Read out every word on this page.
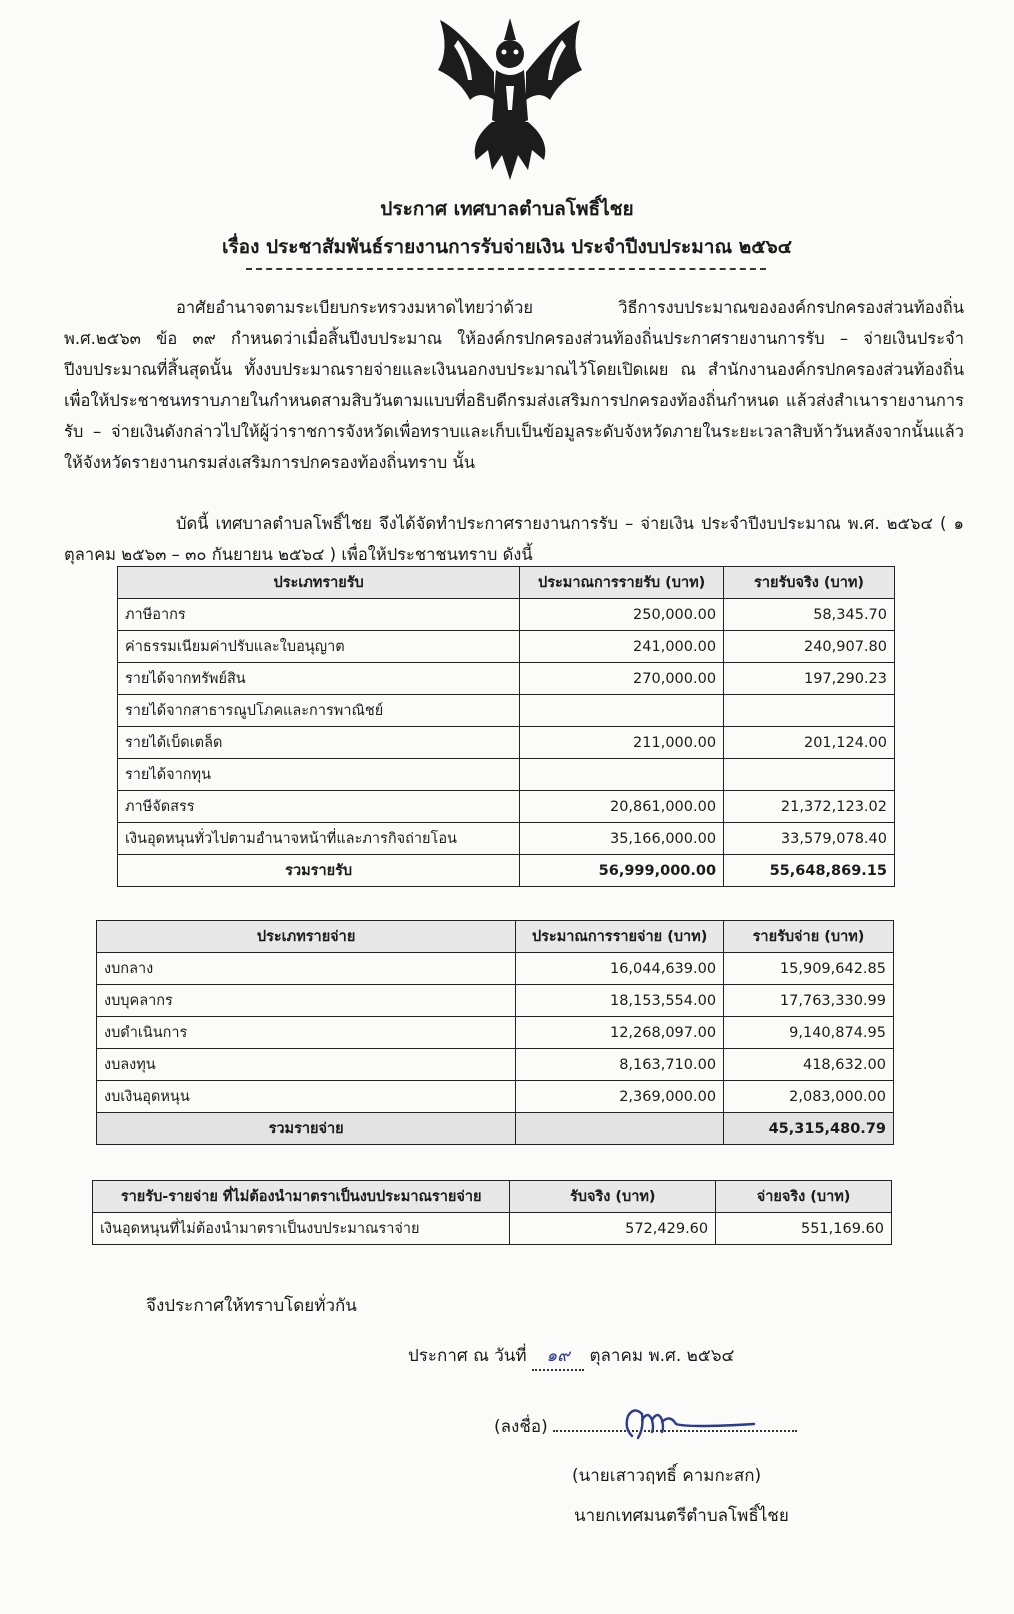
ประกาศ เทศบาลตำบลโพธิ์ไชย
เรื่อง ประชาสัมพันธ์รายงานการรับจ่ายเงิน ประจำปีงบประมาณ ๒๕๖๔
อาศัยอำนาจตามระเบียบกระทรวงมหาดไทยว่าด้วย วิธีการงบประมาณขององค์กรปกครองส่วนท้องถิ่น พ.ศ.๒๕๖๓ ข้อ ๓๙ กำหนดว่าเมื่อสิ้นปีงบประมาณ ให้องค์กรปกครองส่วนท้องถิ่นประกาศรายงานการรับ – จ่ายเงินประจำปีงบประมาณที่สิ้นสุดนั้น ทั้งงบประมาณรายจ่ายและเงินนอกงบประมาณไว้โดยเปิดเผย ณ สำนักงานองค์กรปกครองส่วนท้องถิ่น เพื่อให้ประชาชนทราบภายในกำหนดสามสิบวันตามแบบที่อธิบดีกรมส่งเสริมการปกครองท้องถิ่นกำหนด แล้วส่งสำเนารายงานการรับ – จ่ายเงินดังกล่าวไปให้ผู้ว่าราชการจังหวัดเพื่อทราบและเก็บเป็นข้อมูลระดับจังหวัดภายในระยะเวลาสิบห้าวันหลังจากนั้นแล้วให้จังหวัดรายงานกรมส่งเสริมการปกครองท้องถิ่นทราบ นั้น
บัดนี้ เทศบาลตำบลโพธิ์ไชย จึงได้จัดทำประกาศรายงานการรับ – จ่ายเงิน ประจำปีงบประมาณ พ.ศ. ๒๕๖๔ ( ๑ ตุลาคม ๒๕๖๓ – ๓๐ กันยายน ๒๕๖๔ ) เพื่อให้ประชาชนทราบ ดังนี้
ประเภทรายรับ	ประมาณการรายรับ (บาท)	รายรับจริง (บาท)
ภาษีอากร	250,000.00	58,345.70
ค่าธรรมเนียมค่าปรับและใบอนุญาต	241,000.00	240,907.80
รายได้จากทรัพย์สิน	270,000.00	197,290.23
รายได้จากสาธารณูปโภคและการพาณิชย์		
รายได้เบ็ดเตล็ด	211,000.00	201,124.00
รายได้จากทุน		
ภาษีจัดสรร	20,861,000.00	21,372,123.02
เงินอุดหนุนทั่วไปตามอำนาจหน้าที่และภารกิจถ่ายโอน	35,166,000.00	33,579,078.40
รวมรายรับ	56,999,000.00	55,648,869.15
ประเภทรายจ่าย	ประมาณการรายจ่าย (บาท)	รายรับจ่าย (บาท)
งบกลาง	16,044,639.00	15,909,642.85
งบบุคลากร	18,153,554.00	17,763,330.99
งบดำเนินการ	12,268,097.00	9,140,874.95
งบลงทุน	8,163,710.00	418,632.00
งบเงินอุดหนุน	2,369,000.00	2,083,000.00
รวมรายจ่าย		45,315,480.79
รายรับ-รายจ่าย ที่ไม่ต้องนำมาตราเป็นงบประมาณรายจ่าย	รับจริง (บาท)	จ่ายจริง (บาท)
เงินอุดหนุนที่ไม่ต้องนำมาตราเป็นงบประมาณราจ่าย	572,429.60	551,169.60
จึงประกาศให้ทราบโดยทั่วกัน
ประกาศ ณ วันที่ ๑๙ ตุลาคม พ.ศ. ๒๕๖๔
(ลงชื่อ)
(นายเสาวฤทธิ์ คามกะสก)
นายกเทศมนตรีตำบลโพธิ์ไชย
